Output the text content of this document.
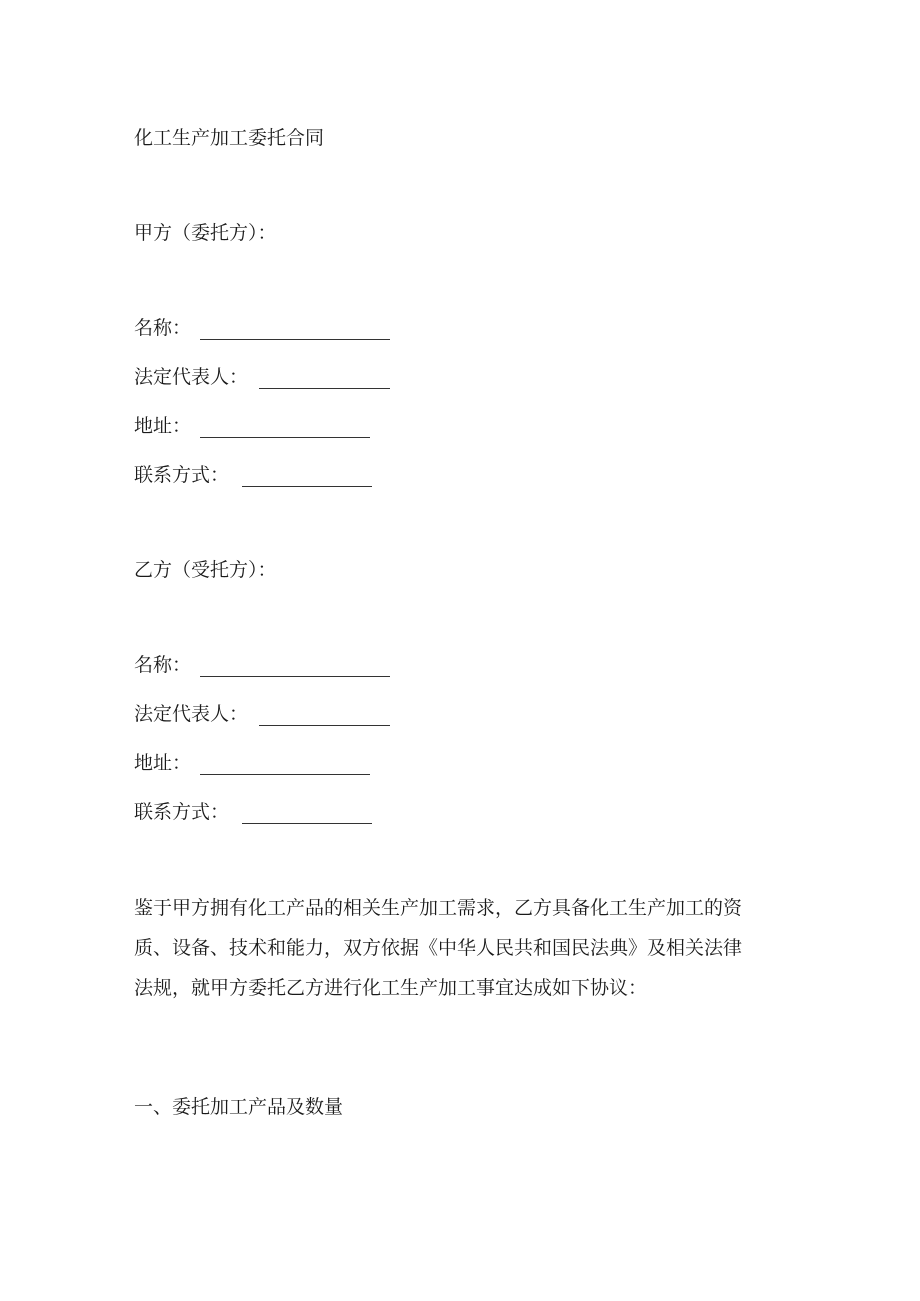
化工生产加工委托合同
甲方（委托方）：
名称：
法定代表人：
地址：
联系方式：
乙方（受托方）：
名称：
法定代表人：
地址：
联系方式：
鉴于甲方拥有化工产品的相关生产加工需求，乙方具备化工生产加工的资
质、设备、技术和能力，双方依据《中华人民共和国民法典》及相关法律
法规，就甲方委托乙方进行化工生产加工事宜达成如下协议：
一、委托加工产品及数量
